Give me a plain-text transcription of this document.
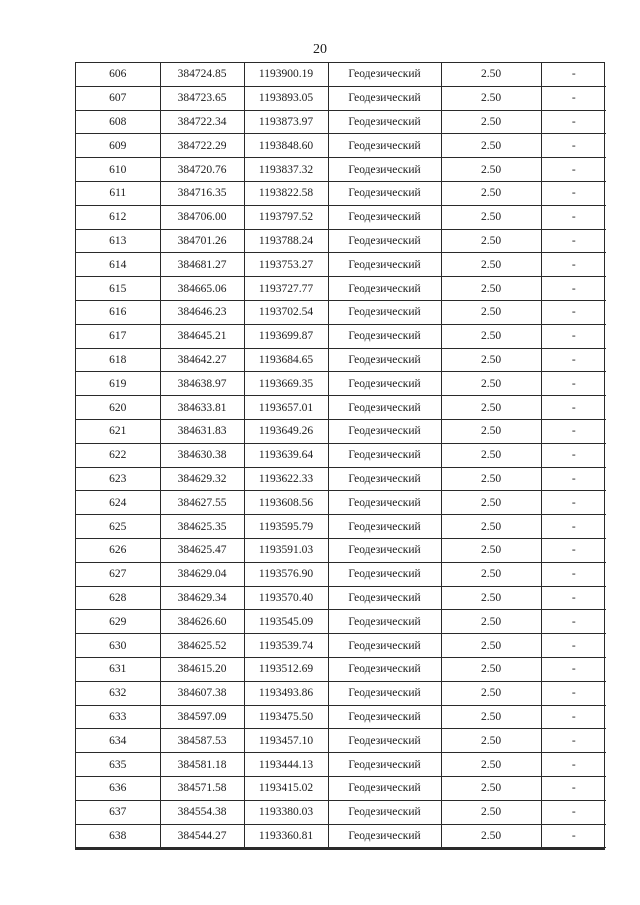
20
606	384724.85	1193900.19	Геодезический	2.50	-
607	384723.65	1193893.05	Геодезический	2.50	-
608	384722.34	1193873.97	Геодезический	2.50	-
609	384722.29	1193848.60	Геодезический	2.50	-
610	384720.76	1193837.32	Геодезический	2.50	-
611	384716.35	1193822.58	Геодезический	2.50	-
612	384706.00	1193797.52	Геодезический	2.50	-
613	384701.26	1193788.24	Геодезический	2.50	-
614	384681.27	1193753.27	Геодезический	2.50	-
615	384665.06	1193727.77	Геодезический	2.50	-
616	384646.23	1193702.54	Геодезический	2.50	-
617	384645.21	1193699.87	Геодезический	2.50	-
618	384642.27	1193684.65	Геодезический	2.50	-
619	384638.97	1193669.35	Геодезический	2.50	-
620	384633.81	1193657.01	Геодезический	2.50	-
621	384631.83	1193649.26	Геодезический	2.50	-
622	384630.38	1193639.64	Геодезический	2.50	-
623	384629.32	1193622.33	Геодезический	2.50	-
624	384627.55	1193608.56	Геодезический	2.50	-
625	384625.35	1193595.79	Геодезический	2.50	-
626	384625.47	1193591.03	Геодезический	2.50	-
627	384629.04	1193576.90	Геодезический	2.50	-
628	384629.34	1193570.40	Геодезический	2.50	-
629	384626.60	1193545.09	Геодезический	2.50	-
630	384625.52	1193539.74	Геодезический	2.50	-
631	384615.20	1193512.69	Геодезический	2.50	-
632	384607.38	1193493.86	Геодезический	2.50	-
633	384597.09	1193475.50	Геодезический	2.50	-
634	384587.53	1193457.10	Геодезический	2.50	-
635	384581.18	1193444.13	Геодезический	2.50	-
636	384571.58	1193415.02	Геодезический	2.50	-
637	384554.38	1193380.03	Геодезический	2.50	-
638	384544.27	1193360.81	Геодезический	2.50	-
